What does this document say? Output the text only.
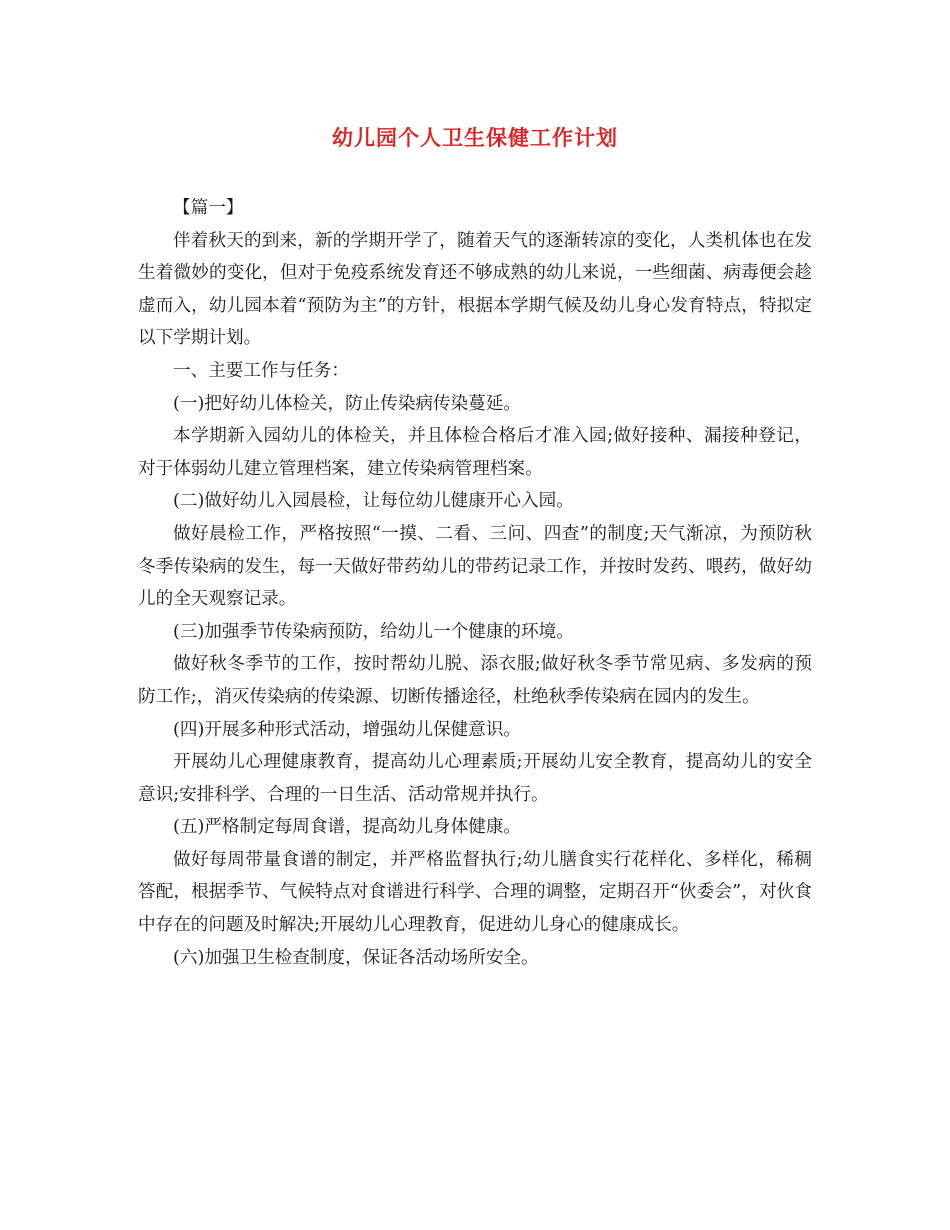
幼儿园个人卫生保健工作计划

【篇一】

伴着秋天的到来，新的学期开学了，随着天气的逐渐转凉的变化，人类机体也在发生着微妙的变化，但对于免疫系统发育还不够成熟的幼儿来说，一些细菌、病毒便会趁虚而入，幼儿园本着“预防为主”的方针，根据本学期气候及幼儿身心发育特点，特拟定以下学期计划。

一、主要工作与任务：

(一)把好幼儿体检关，防止传染病传染蔓延。

本学期新入园幼儿的体检关，并且体检合格后才准入园;做好接种、漏接种登记，对于体弱幼儿建立管理档案，建立传染病管理档案。

(二)做好幼儿入园晨检，让每位幼儿健康开心入园。

做好晨检工作，严格按照“一摸、二看、三问、四查”的制度;天气渐凉，为预防秋冬季传染病的发生，每一天做好带药幼儿的带药记录工作，并按时发药、喂药，做好幼儿的全天观察记录。

(三)加强季节传染病预防，给幼儿一个健康的环境。

做好秋冬季节的工作，按时帮幼儿脱、添衣服;做好秋冬季节常见病、多发病的预防工作;，消灭传染病的传染源、切断传播途径，杜绝秋季传染病在园内的发生。

(四)开展多种形式活动，增强幼儿保健意识。

开展幼儿心理健康教育，提高幼儿心理素质;开展幼儿安全教育，提高幼儿的安全意识;安排科学、合理的一日生活、活动常规并执行。

(五)严格制定每周食谱，提高幼儿身体健康。

做好每周带量食谱的制定，并严格监督执行;幼儿膳食实行花样化、多样化，稀稠答配，根据季节、气候特点对食谱进行科学、合理的调整，定期召开“伙委会”，对伙食中存在的问题及时解决;开展幼儿心理教育，促进幼儿身心的健康成长。

(六)加强卫生检查制度，保证各活动场所安全。
